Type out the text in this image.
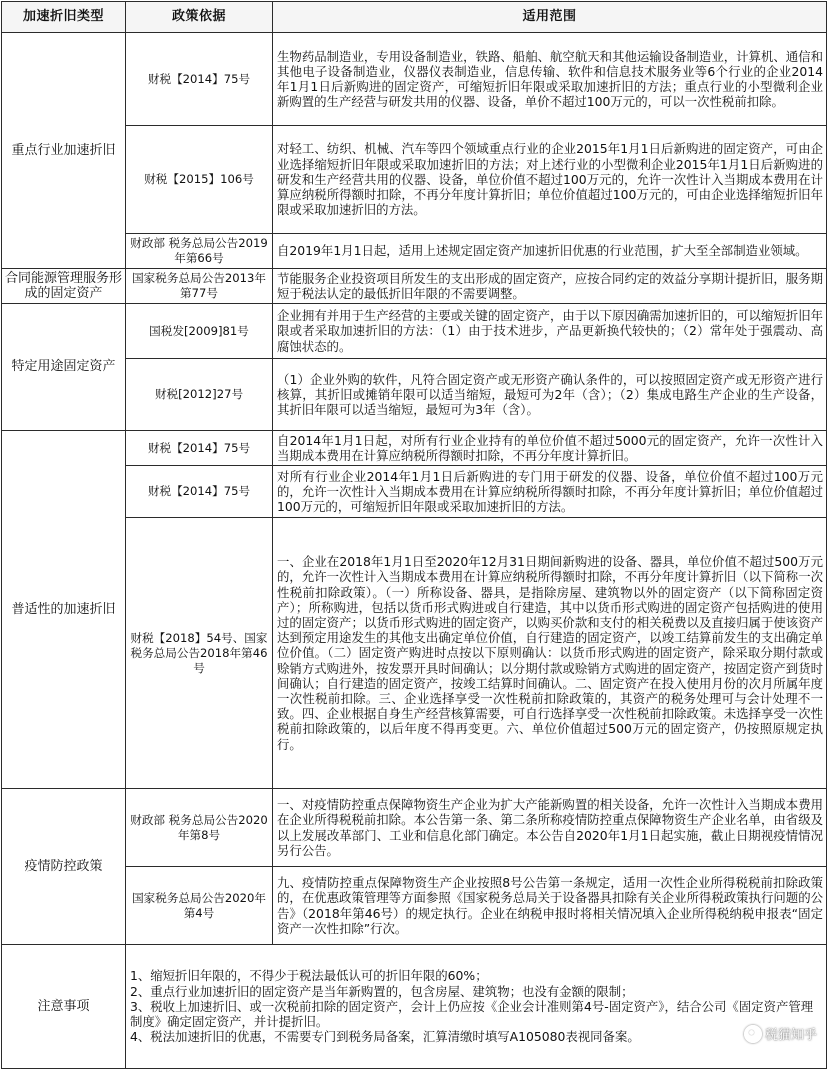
加速折旧类型	政策依据	适用范围
重点行业加速折旧	财税【2014】75号	生物药品制造业，专用设备制造业，铁路、船舶、航空航天和其他运输设备制造业，计算机、通信和其他电子设备制造业，仪器仪表制造业，信息传输、软件和信息技术服务业等6个行业的企业2014年1月1日后新购进的固定资产，可缩短折旧年限或采取加速折旧的方法；重点行业的小型微利企业新购置的生产经营与研发共用的仪器、设备，单价不超过100万元的，可以一次性税前扣除。
	财税【2015】106号	对轻工、纺织、机械、汽车等四个领域重点行业的企业2015年1月1日后新购进的固定资产，可由企业选择缩短折旧年限或采取加速折旧的方法；对上述行业的小型微利企业2015年1月1日后新购进的研发和生产经营共用的仪器、设备，单位价值不超过100万元的，允许一次性计入当期成本费用在计算应纳税所得额时扣除，不再分年度计算折旧；单位价值超过100万元的，可由企业选择缩短折旧年限或采取加速折旧的方法。
	财政部 税务总局公告2019年第66号	自2019年1月1日起，适用上述规定固定资产加速折旧优惠的行业范围，扩大至全部制造业领域。
合同能源管理服务形成的固定资产	国家税务总局公告2013年第77号	节能服务企业投资项目所发生的支出形成的固定资产，应按合同约定的效益分享期计提折旧，服务期短于税法认定的最低折旧年限的不需要调整。
特定用途固定资产	国税发[2009]81号	企业拥有并用于生产经营的主要或关键的固定资产，由于以下原因确需加速折旧的，可以缩短折旧年限或者采取加速折旧的方法：（1）由于技术进步，产品更新换代较快的；（2）常年处于强震动、高腐蚀状态的。
	财税[2012]27号	（1）企业外购的软件，凡符合固定资产或无形资产确认条件的，可以按照固定资产或无形资产进行核算，其折旧或摊销年限可以适当缩短，最短可为2年（含）；（2）集成电路生产企业的生产设备，其折旧年限可以适当缩短，最短可为3年（含）。
普适性的加速折旧	财税【2014】75号	自2014年1月1日起，对所有行业企业持有的单位价值不超过5000元的固定资产，允许一次性计入当期成本费用在计算应纳税所得额时扣除，不再分年度计算折旧。
	财税【2014】75号	对所有行业企业2014年1月1日后新购进的专门用于研发的仪器、设备，单位价值不超过100万元的，允许一次性计入当期成本费用在计算应纳税所得额时扣除，不再分年度计算折旧；单位价值超过100万元的，可缩短折旧年限或采取加速折旧的方法。
	财税【2018】54号、国家税务总局公告2018年第46号	一、企业在2018年1月1日至2020年12月31日期间新购进的设备、器具，单位价值不超过500万元的，允许一次性计入当期成本费用在计算应纳税所得额时扣除，不再分年度计算折旧（以下简称一次性税前扣除政策）。（一）所称设备、器具，是指除房屋、建筑物以外的固定资产（以下简称固定资产）；所称购进，包括以货币形式购进或自行建造，其中以货币形式购进的固定资产包括购进的使用过的固定资产；以货币形式购进的固定资产，以购买价款和支付的相关税费以及直接归属于使该资产达到预定用途发生的其他支出确定单位价值，自行建造的固定资产，以竣工结算前发生的支出确定单位价值。（二）固定资产购进时点按以下原则确认：以货币形式购进的固定资产，除采取分期付款或赊销方式购进外，按发票开具时间确认；以分期付款或赊销方式购进的固定资产，按固定资产到货时间确认；自行建造的固定资产，按竣工结算时间确认。二、固定资产在投入使用月份的次月所属年度一次性税前扣除。三、企业选择享受一次性税前扣除政策的，其资产的税务处理可与会计处理不一致。四、企业根据自身生产经营核算需要，可自行选择享受一次性税前扣除政策。未选择享受一次性税前扣除政策的，以后年度不得再变更。六、单位价值超过500万元的固定资产，仍按照原规定执行。
疫情防控政策	财政部 税务总局公告2020年第8号	一、对疫情防控重点保障物资生产企业为扩大产能新购置的相关设备，允许一次性计入当期成本费用在企业所得税税前扣除。本公告第一条、第二条所称疫情防控重点保障物资生产企业名单，由省级及以上发展改革部门、工业和信息化部门确定。本公告自2020年1月1日起实施，截止日期视疫情情况另行公告。
	国家税务总局公告2020年第4号	九、疫情防控重点保障物资生产企业按照8号公告第一条规定，适用一次性企业所得税税前扣除政策的，在优惠政策管理等方面参照《国家税务总局关于设备器具扣除有关企业所得税政策执行问题的公告》（2018年第46号）的规定执行。企业在纳税申报时将相关情况填入企业所得税纳税申报表“固定资产一次性扣除”行次。
注意事项	1、缩短折旧年限的，不得少于税法最低认可的折旧年限的60%；
2、重点行业加速折旧的固定资产是当年新购置的，包含房屋、建筑物；也没有金额的限制；
3、税收上加速折旧、或一次税前扣除的固定资产，会计上仍应按《企业会计准则第4号-固定资产》，结合公司《固定资产管理制度》确定固定资产，并计提折旧。
4、税法加速折旧的优惠，不需要专门到税务局备案，汇算清缴时填写A105080表视同备案。		税猫知乎
